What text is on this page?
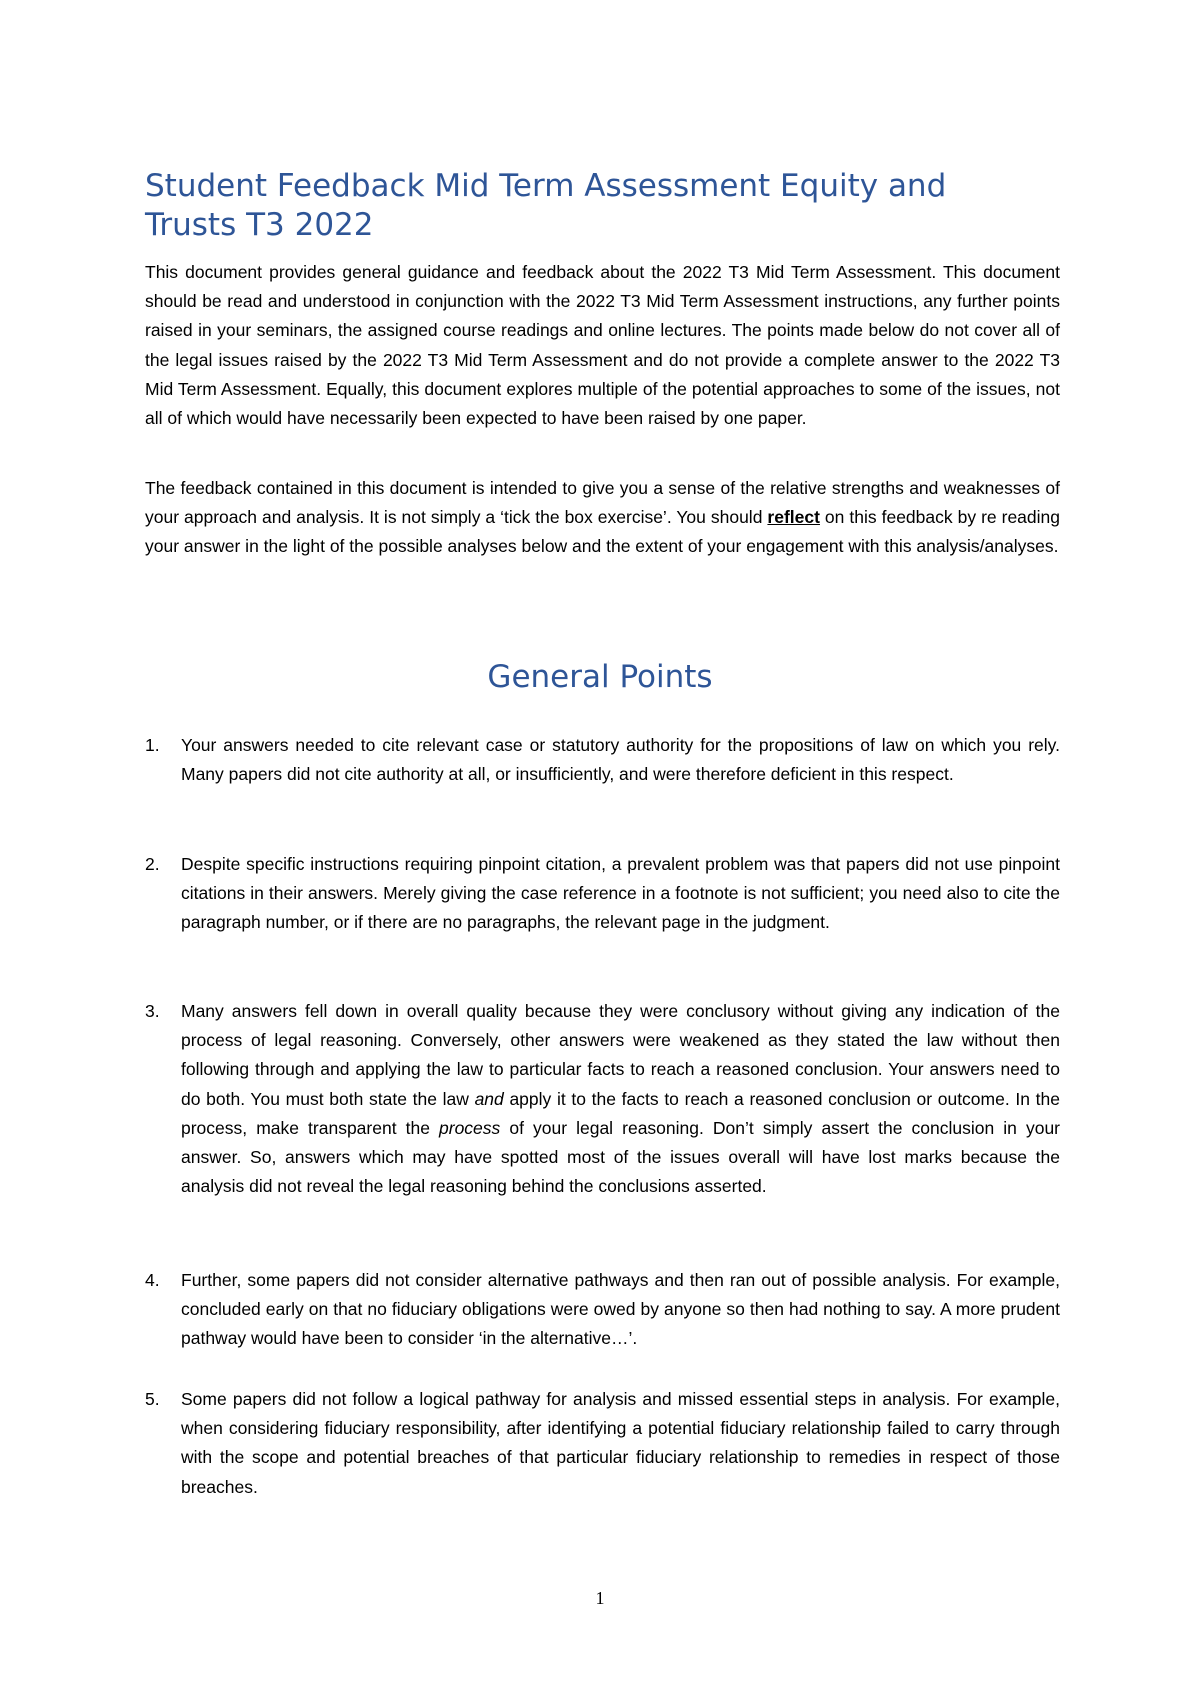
Student Feedback Mid Term Assessment Equity and Trusts T3 2022

This document provides general guidance and feedback about the 2022 T3 Mid Term Assessment. This document should be read and understood in conjunction with the 2022 T3 Mid Term Assessment instructions, any further points raised in your seminars, the assigned course readings and online lectures. The points made below do not cover all of the legal issues raised by the 2022 T3 Mid Term Assessment and do not provide a complete answer to the 2022 T3 Mid Term Assessment. Equally, this document explores multiple of the potential approaches to some of the issues, not all of which would have necessarily been expected to have been raised by one paper.

The feedback contained in this document is intended to give you a sense of the relative strengths and weaknesses of your approach and analysis. It is not simply a ‘tick the box exercise’. You should reflect on this feedback by re reading your answer in the light of the possible analyses below and the extent of your engagement with this analysis/analyses.

General Points
1.	Your answers needed to cite relevant case or statutory authority for the propositions of law on which you rely. Many papers did not cite authority at all, or insufficiently, and were therefore deficient in this respect.
2.	Despite specific instructions requiring pinpoint citation, a prevalent problem was that papers did not use pinpoint citations in their answers. Merely giving the case reference in a footnote is not sufficient; you need also to cite the paragraph number, or if there are no paragraphs, the relevant page in the judgment.
3.	Many answers fell down in overall quality because they were conclusory without giving any indication of the process of legal reasoning. Conversely, other answers were weakened as they stated the law without then following through and applying the law to particular facts to reach a reasoned conclusion. Your answers need to do both. You must both state the law and apply it to the facts to reach a reasoned conclusion or outcome. In the process, make transparent the process of your legal reasoning. Don’t simply assert the conclusion in your answer. So, answers which may have spotted most of the issues overall will have lost marks because the analysis did not reveal the legal reasoning behind the conclusions asserted.
4.	Further, some papers did not consider alternative pathways and then ran out of possible analysis. For example, concluded early on that no fiduciary obligations were owed by anyone so then had nothing to say. A more prudent pathway would have been to consider ‘in the alternative…’.
5.	Some papers did not follow a logical pathway for analysis and missed essential steps in analysis. For example, when considering fiduciary responsibility, after identifying a potential fiduciary relationship failed to carry through with the scope and potential breaches of that particular fiduciary relationship to remedies in respect of those breaches.
1
